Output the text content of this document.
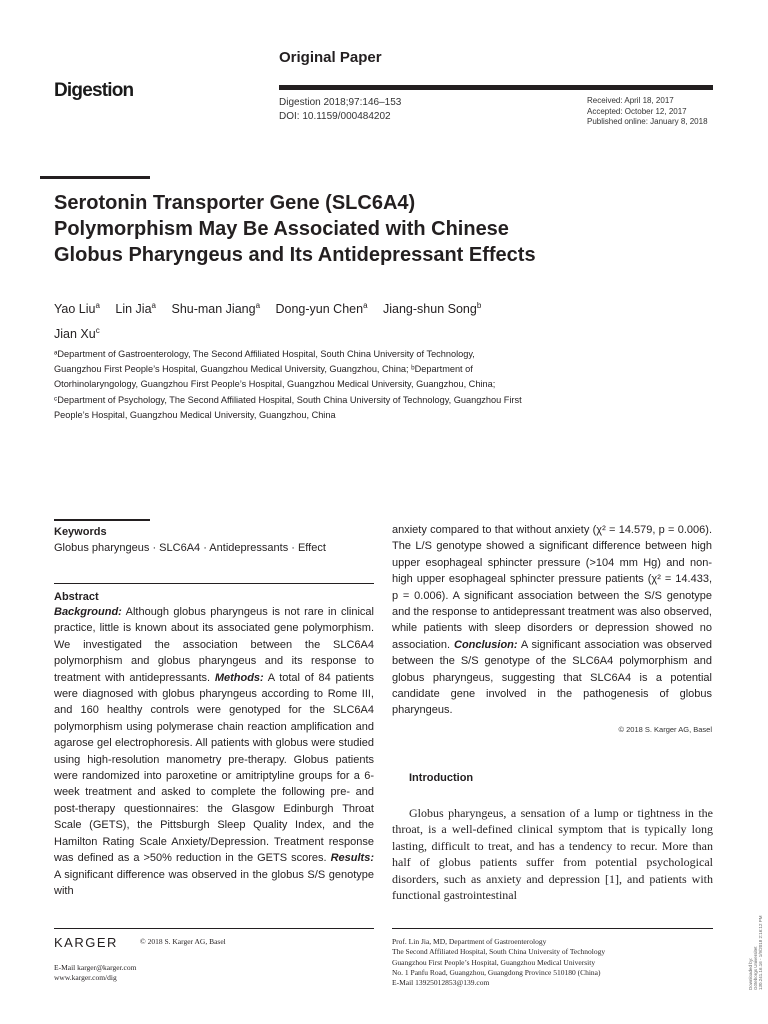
Digestion
Original Paper
Digestion 2018;97:146–153
DOI: 10.1159/000484202
Received: April 18, 2017
Accepted: October 12, 2017
Published online: January 8, 2018
Serotonin Transporter Gene (SLC6A4)
Polymorphism May Be Associated with Chinese
Globus Pharyngeus and Its Antidepressant Effects
Yao Liu$^a$ Lin Jia$^a$ Shu-man Jiang$^a$ Dong-yun Chen$^a$ Jiang-shun Song$^b$
Jian Xu$^c$
ᵃDepartment of Gastroenterology, The Second Affiliated Hospital, South China University of Technology,
Guangzhou First People’s Hospital, Guangzhou Medical University, Guangzhou, China; ᵇDepartment of
Otorhinolaryngology, Guangzhou First People’s Hospital, Guangzhou Medical University, Guangzhou, China;
ᶜDepartment of Psychology, The Second Affiliated Hospital, South China University of Technology, Guangzhou First
People’s Hospital, Guangzhou Medical University, Guangzhou, China
Keywords
Globus pharyngeus · SLC6A4 · Antidepressants · Effect
Abstract
Background: Although globus pharyngeus is not rare in clinical practice, little is known about its associated gene polymorphism. We investigated the association between the SLC6A4 polymorphism and globus pharyngeus and its response to treatment with antidepressants. Methods: A total of 84 patients were diagnosed with globus pharyngeus according to Rome III, and 160 healthy controls were genotyped for the SLC6A4 polymorphism using polymerase chain reaction amplification and agarose gel electrophoresis. All patients with globus were studied using high-resolution manometry pre-therapy. Globus patients were randomized into paroxetine or amitriptyline groups for a 6-week treatment and asked to complete the following pre- and post-therapy questionnaires: the Glasgow Edinburgh Throat Scale (GETS), the Pittsburgh Sleep Quality Index, and the Hamilton Rating Scale Anxiety/Depression. Treatment response was defined as a >50% reduction in the GETS scores. Results: A significant difference was observed in the globus S/S genotype with
anxiety compared to that without anxiety (χ² = 14.579, p = 0.006). The L/S genotype showed a significant difference between high upper esophageal sphincter pressure (>104 mm Hg) and non-high upper esophageal sphincter pressure patients (χ² = 14.433, p = 0.006). A significant association between the S/S genotype and the response to antidepressant treatment was also observed, while patients with sleep disorders or depression showed no association. Conclusion: A significant association was observed between the S/S genotype of the SLC6A4 polymorphism and globus pharyngeus, suggesting that SLC6A4 is a potential candidate gene involved in the pathogenesis of globus pharyngeus.
© 2018 S. Karger AG, Basel
Introduction
Globus pharyngeus, a sensation of a lump or tightness in the throat, is a well-defined clinical symptom that is typically long lasting, difficult to treat, and has a tendency to recur. More than half of globus patients suffer from potential psychological disorders, such as anxiety and depression [1], and patients with functional gastrointestinal
KARGER	© 2018 S. Karger AG, Basel
E-Mail karger@karger.com
www.karger.com/dig
Prof. Lin Jia, MD, Department of Gastroenterology
The Second Affiliated Hospital, South China University of Technology
Guangzhou First People’s Hospital, Guangzhou Medical University
No. 1 Panfu Road, Guangzhou, Guangdong Province 510180 (China)
E-Mail 13925012853@139.com	Downloaded by: Göteborgs Universitet 130.241.16.16 - 1/9/2018 2:16:12 PM
